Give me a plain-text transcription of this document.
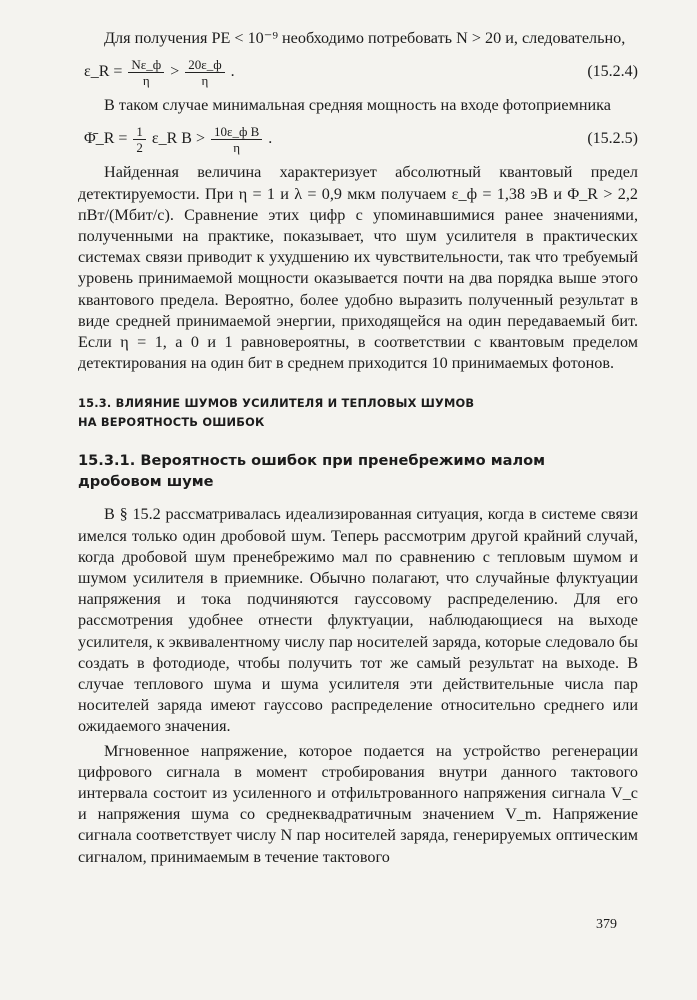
Для получения PE < 10⁻⁹ необходимо потребовать N > 20 и, следовательно,

ε_R = $\frac{N\varepsilon\_ф}{\eta} > \frac{20\varepsilon\_ф}{\eta}$ .	(15.2.4)

В таком случае минимальная средняя мощность на входе фотоприемника

Φ̄_R = $\frac{1}{2}$ ε_R $B > \frac{\text{10ε\_ф B}}{\eta}$ .	(15.2.5)

Найденная величина характеризует абсолютный квантовый предел детектируемости. При η = 1 и λ = 0,9 мкм получаем ε_ф = 1,38 эВ и Φ_R > 2,2 пВт/(Мбит/с). Сравнение этих цифр с упоминавшимися ранее значениями, полученными на практике, показывает, что шум усилителя в практических системах связи приводит к ухудшению их чувствительности, так что требуемый уровень принимаемой мощности оказывается почти на два порядка выше этого квантового предела. Вероятно, более удобно выразить полученный результат в виде средней принимаемой энергии, приходящейся на один передаваемый бит. Если η = 1, а 0 и 1 равновероятны, в соответствии с квантовым пределом детектирования на один бит в среднем приходится 10 принимаемых фотонов.

15.3. ВЛИЯНИЕ ШУМОВ УСИЛИТЕЛЯ И ТЕПЛОВЫХ ШУМОВ

НА ВЕРОЯТНОСТЬ ОШИБОК

15.3.1. Вероятность ошибок при пренебрежимо малом

дробовом шуме

В § 15.2 рассматривалась идеализированная ситуация, когда в системе связи имелся только один дробовой шум. Теперь рассмотрим другой крайний случай, когда дробовой шум пренебрежимо мал по сравнению с тепловым шумом и шумом усилителя в приемнике. Обычно полагают, что случайные флуктуации напряжения и тока подчиняются гауссовому распределению. Для его рассмотрения удобнее отнести флуктуации, наблюдающиеся на выходе усилителя, к эквивалентному числу пар носителей заряда, которые следовало бы создать в фотодиоде, чтобы получить тот же самый результат на выходе. В случае теплового шума и шума усилителя эти действительные числа пар носителей заряда имеют гауссово распределение относительно среднего или ожидаемого значения.

Мгновенное напряжение, которое подается на устройство регенерации цифрового сигнала в момент стробирования внутри данного тактового интервала состоит из усиленного и отфильтрованного напряжения сигнала V_c и напряжения шума со среднеквадратичным значением V_m. Напряжение сигнала соответствует числу N пар носителей заряда, генерируемых оптическим сигналом, принимаемым в течение тактового

379
